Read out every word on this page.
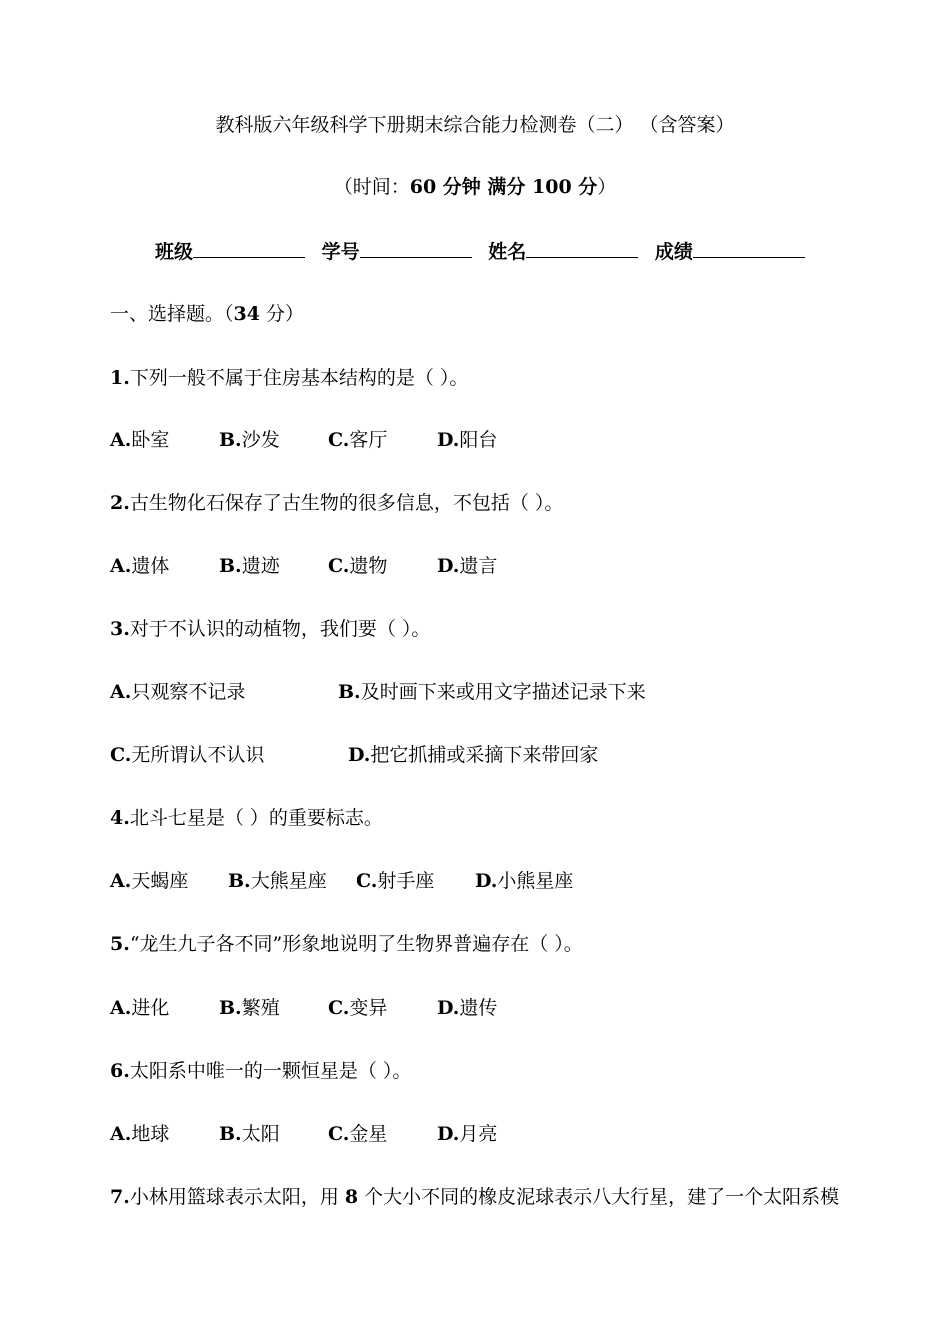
教科版六年级科学下册期末综合能力检测卷（二） （含答案）
（时间：60 分钟 满分 100 分）
班级	学号	姓名	成绩
一、选择题。（34 分）
1.下列一般不属于住房基本结构的是（ ）。
A.卧室	B.沙发	C.客厅	D.阳台
2.古生物化石保存了古生物的很多信息，不包括（ ）。
A.遗体	B.遗迹	C.遗物	D.遗言
3.对于不认识的动植物，我们要（ ）。
A.只观察不记录	B.及时画下来或用文字描述记录下来
C.无所谓认不认识	D.把它抓捕或采摘下来带回家
4.北斗七星是（ ）的重要标志。
A.天蝎座 B.大熊星座 C.射手座 D.小熊星座
5.“龙生九子各不同”形象地说明了生物界普遍存在（ ）。
A.进化	B.繁殖	C.变异	D.遗传
6.太阳系中唯一的一颗恒星是（ ）。
A.地球	B.太阳	C.金星	D.月亮
7.小林用篮球表示太阳，用 8 个大小不同的橡皮泥球表示八大行星，建了一个太阳系模
